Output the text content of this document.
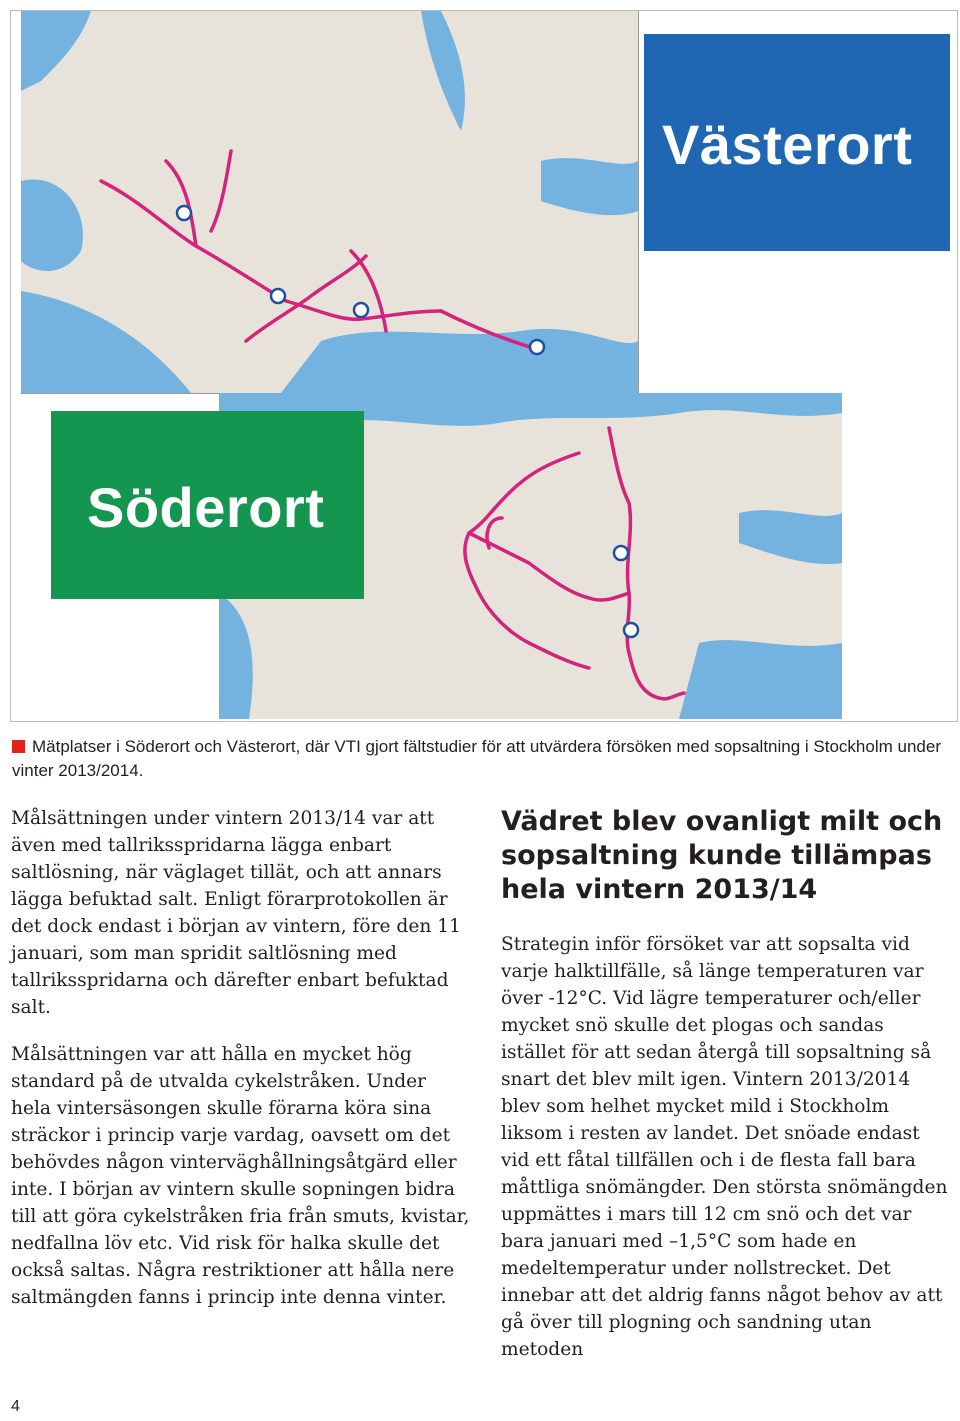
Västerort
Söderort
Mätplatser i Söderort och Västerort, där VTI gjort fältstudier för att utvärdera försöken med sopsaltning i Stockholm under vinter 2013/2014.

Målsättningen under vintern 2013/14 var att även med tallriksspridarna lägga enbart saltlösning, när väglaget tillät, och att annars lägga befuktad salt. Enligt förarprotokollen är det dock endast i början av vintern, före den 11 januari, som man spridit saltlösning med tallriksspridarna och därefter enbart befuktad salt.

Målsättningen var att hålla en mycket hög standard på de utvalda cykelstråken. Under hela vintersäsongen skulle förarna köra sina sträckor i princip varje vardag, oavsett om det behövdes någon vinterväghållningsåtgärd eller inte. I början av vintern skulle sopningen bidra till att göra cykelstråken fria från smuts, kvistar, nedfallna löv etc. Vid risk för halka skulle det också saltas. Några restriktioner att hålla nere saltmängden fanns i princip inte denna vinter.

Vädret blev ovanligt milt och sopsaltning kunde tillämpas hela vintern 2013/14

Strategin inför försöket var att sopsalta vid varje halktillfälle, så länge temperaturen var över -12°C. Vid lägre temperaturer och/eller mycket snö skulle det plogas och sandas istället för att sedan återgå till sopsaltning så snart det blev milt igen. Vintern 2013/2014 blev som helhet mycket mild i Stockholm liksom i resten av landet. Det snöade endast vid ett fåtal tillfällen och i de flesta fall bara måttliga snömängder. Den största snömängden uppmättes i mars till 12 cm snö och det var bara januari med –1,5°C som hade en medeltemperatur under nollstrecket. Det innebar att det aldrig fanns något behov av att gå över till plogning och sandning utan metoden

4
